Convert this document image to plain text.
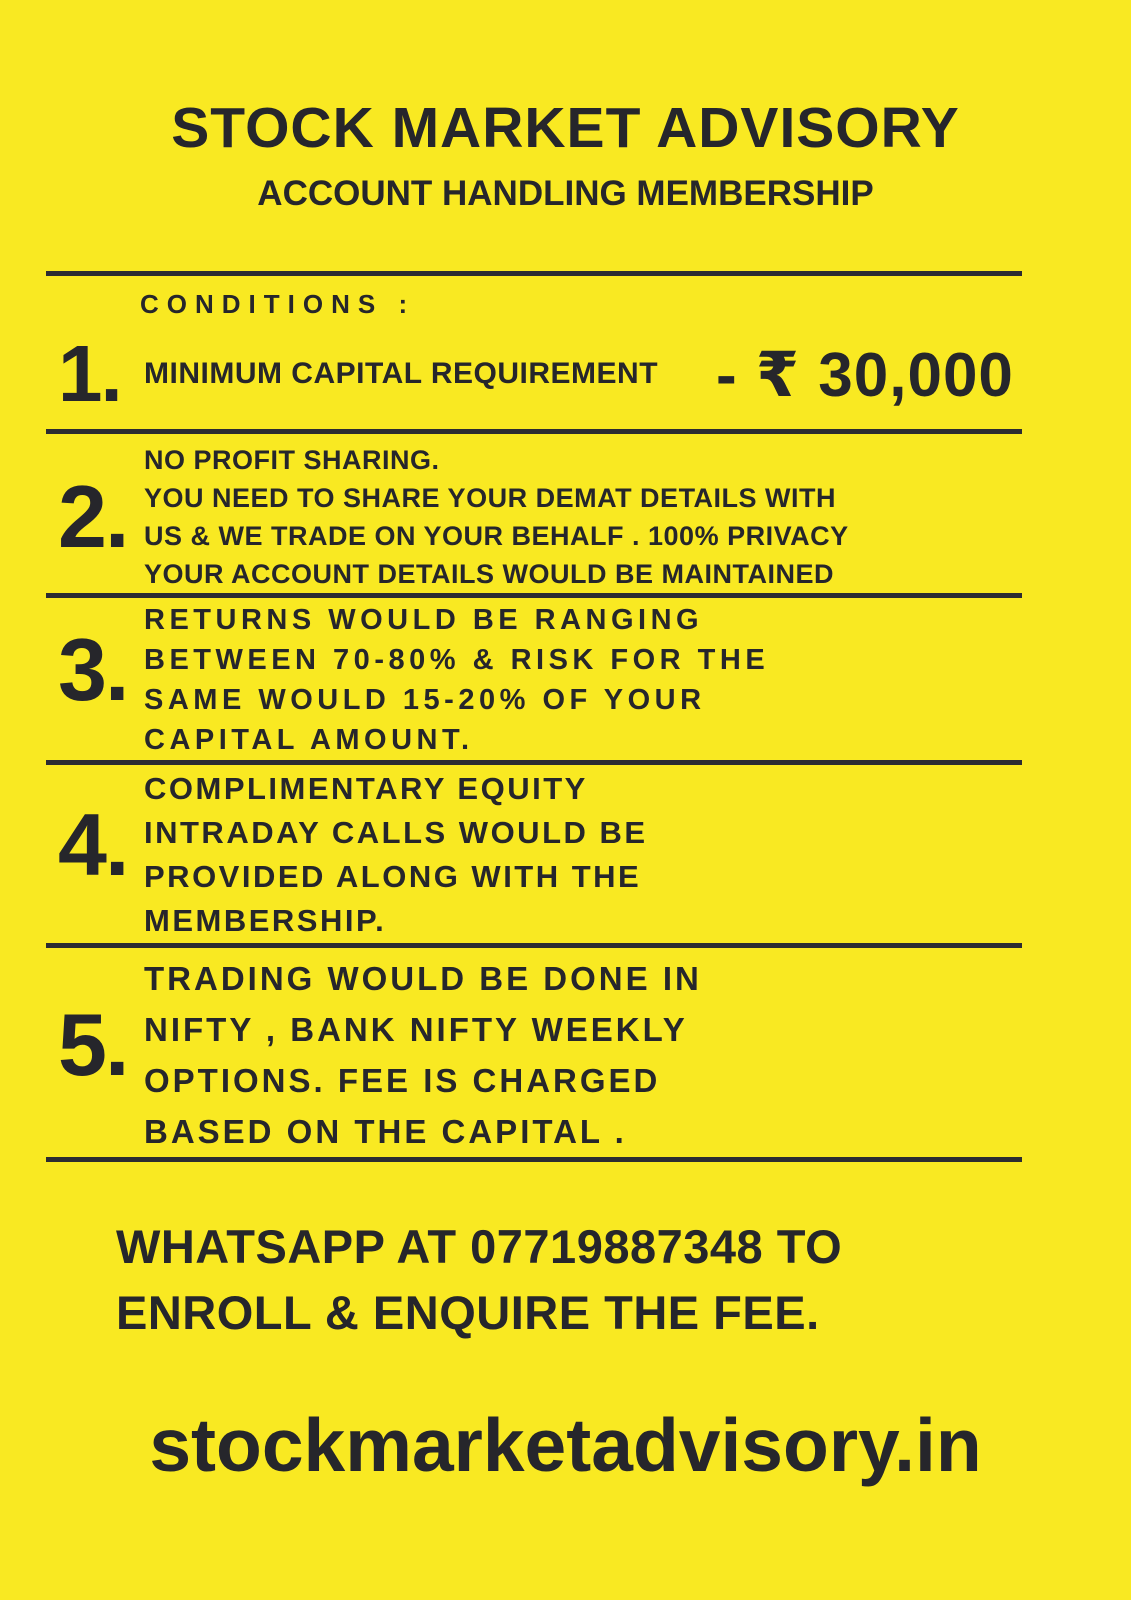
STOCK MARKET ADVISORY
ACCOUNT HANDLING MEMBERSHIP
CONDITIONS :
1. MINIMUM CAPITAL REQUIREMENT - ₹ 30,000
2.
NO PROFIT SHARING.
YOU NEED TO SHARE YOUR DEMAT DETAILS WITH
US & WE TRADE ON YOUR BEHALF . 100% PRIVACY
YOUR ACCOUNT DETAILS WOULD BE MAINTAINED
3. RETURNS WOULD BE RANGING
BETWEEN 70-80% & RISK FOR THE
SAME WOULD 15-20% OF YOUR
CAPITAL AMOUNT.
4.
COMPLIMENTARY EQUITY
INTRADAY CALLS WOULD BE
PROVIDED ALONG WITH THE
MEMBERSHIP.
5.
TRADING WOULD BE DONE IN
NIFTY , BANK NIFTY WEEKLY
OPTIONS. FEE IS CHARGED
BASED ON THE CAPITAL .
WHATSAPP AT 07719887348 TO
ENROLL & ENQUIRE THE FEE.
stockmarketadvisory.in
